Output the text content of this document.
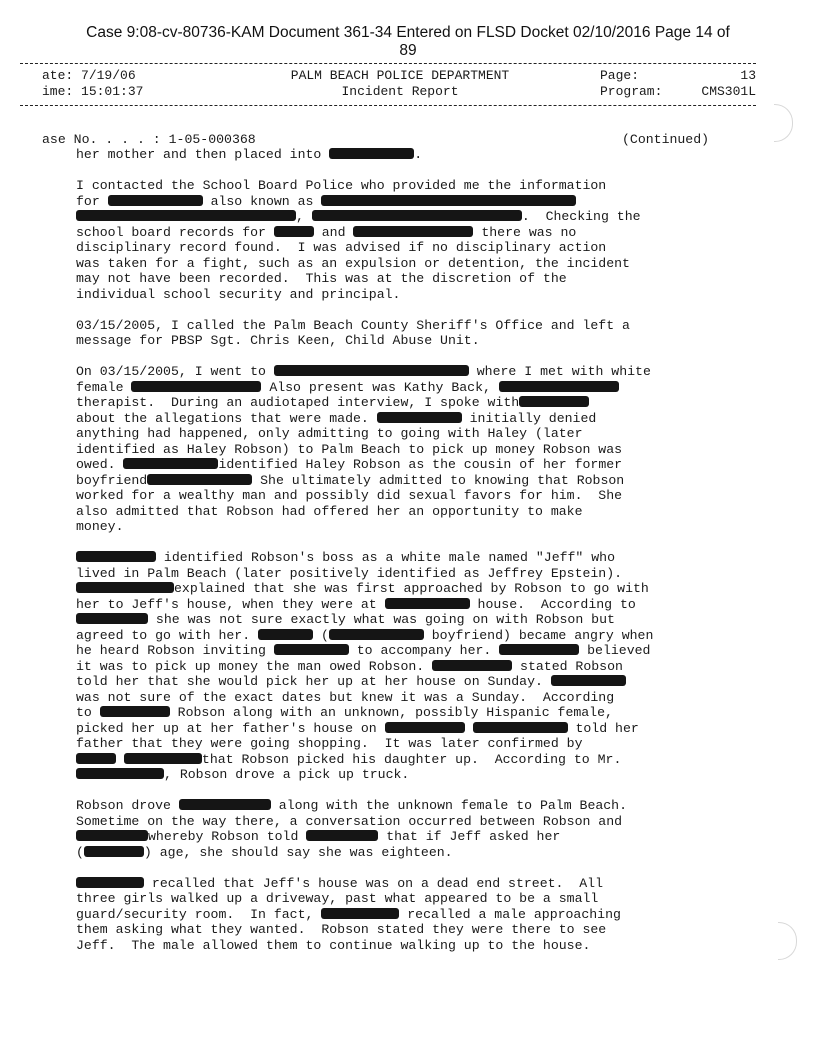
Case 9:08-cv-80736-KAM Document 361-34 Entered on FLSD Docket 02/10/2016 Page 14 of
89
ate: 7/19/06
ime: 15:01:37
PALM BEACH POLICE DEPARTMENT
Incident Report
Page:	13
Program:	CMS301L
ase No. . . . : 1-05-000368	(Continued)
her mother and then placed into	.
I contacted the School Board Police who provided me the information
for	also known as
,	.  Checking the
school board records for	and	there was no
disciplinary record found.  I was advised if no disciplinary action
was taken for a fight, such as an expulsion or detention, the incident
may not have been recorded.  This was at the discretion of the
individual school security and principal.
03/15/2005, I called the Palm Beach County Sheriff's Office and left a
message for PBSP Sgt. Chris Keen, Child Abuse Unit.
On 03/15/2005, I went to	where I met with white
female	Also present was Kathy Back,
therapist.  During an audiotaped interview, I spoke with
about the allegations that were made.	initially denied
anything had happened, only admitting to going with Haley (later
identified as Haley Robson) to Palm Beach to pick up money Robson was
owed.	identified Haley Robson as the cousin of her former
boyfriend	She ultimately admitted to knowing that Robson
worked for a wealthy man and possibly did sexual favors for him.  She
also admitted that Robson had offered her an opportunity to make
money.
identified Robson's boss as a white male named "Jeff" who
lived in Palm Beach (later positively identified as Jeffrey Epstein).
explained that she was first approached by Robson to go with
her to Jeff's house, when they were at	house.  According to
she was not sure exactly what was going on with Robson but
agreed to go with her.	(	boyfriend) became angry when
he heard Robson inviting	to accompany her.	believed
it was to pick up money the man owed Robson.	stated Robson
told her that she would pick her up at her house on Sunday.
was not sure of the exact dates but knew it was a Sunday.  According
to	Robson along with an unknown, possibly Hispanic female,
picked her up at her father's house on	told her
father that they were going shopping.  It was later confirmed by
that Robson picked his daughter up.  According to Mr.
, Robson drove a pick up truck.
Robson drove	along with the unknown female to Palm Beach.
Sometime on the way there, a conversation occurred between Robson and
whereby Robson told	that if Jeff asked her
(	) age, she should say she was eighteen.
recalled that Jeff's house was on a dead end street.  All
three girls walked up a driveway, past what appeared to be a small
guard/security room.  In fact,	recalled a male approaching
them asking what they wanted.  Robson stated they were there to see
Jeff.  The male allowed them to continue walking up to the house.
